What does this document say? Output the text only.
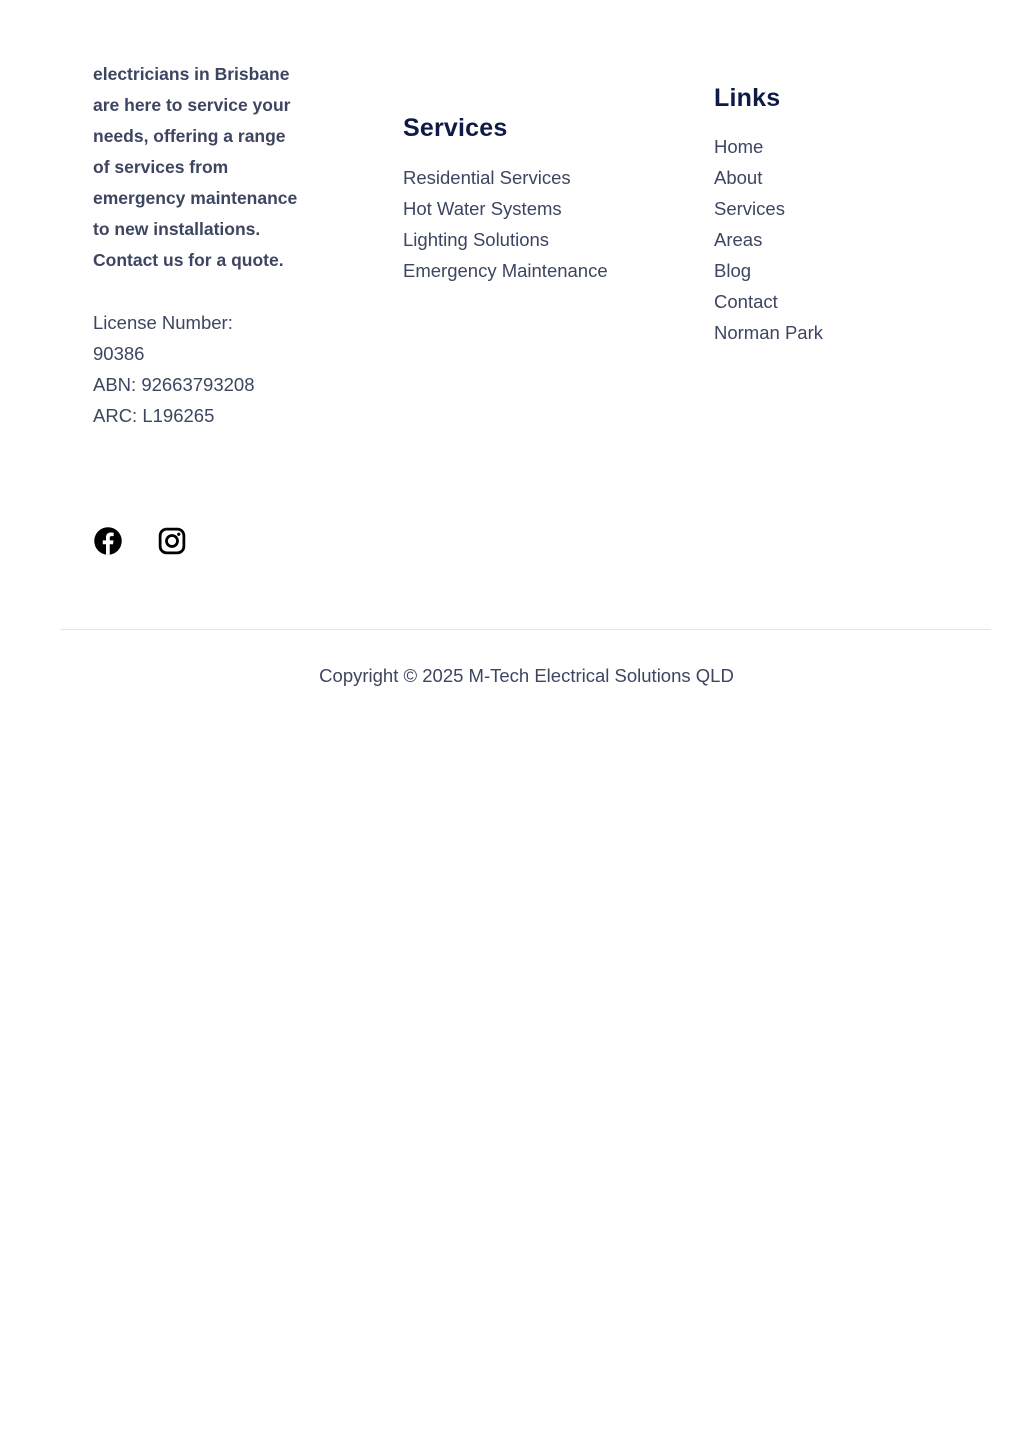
electricians in Brisbane are here to service your needs, offering a range of services from emergency maintenance to new installations. Contact us for a quote.

License Number: 90386
ABN: 92663793208
ARC: L196265
Services
Residential Services
Hot Water Systems
Lighting Solutions
Emergency Maintenance
Links
Home
About
Services
Areas
Blog
Contact
Norman Park
Copyright © 2025 M-Tech Electrical Solutions QLD
